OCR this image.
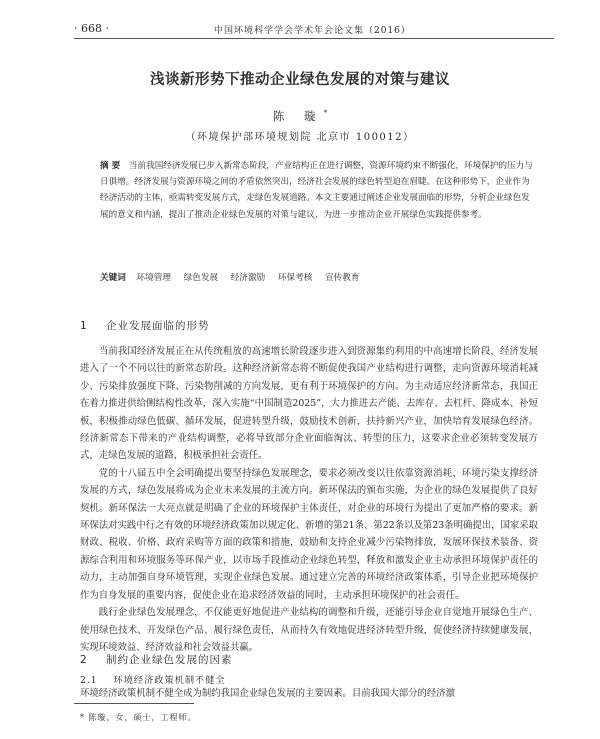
· 668 ·	中国环境科学学会学术年会论文集（2016）
浅谈新形势下推动企业绿色发展的对策与建议
陈 璇*
（环境保护部环境规划院 北京市 100012）
摘 要 当前我国经济发展已步入新常态阶段，产业结构正在进行调整，资源环境约束不断强化，环境保护的压力与日俱增。经济发展与资源环境之间的矛盾依然突出，经济社会发展的绿色转型迫在眉睫。在这种形势下，企业作为经济活动的主体，亟需转变发展方式，走绿色发展道路。本文主要通过阐述企业发展面临的形势，分析企业绿色发展的意义和内涵，提出了推动企业绿色发展的对策与建议，为进一步推动企业开展绿色实践提供参考。
关键词 环境管理 绿色发展 经济激励 环保考核 宣传教育
1 企业发展面临的形势

当前我国经济发展正在从传统粗放的高速增长阶段逐步进入到资源集约利用的中高速增长阶段，经济发展进入了一个不同以往的新常态阶段。这种经济新常态将不断促使我国产业结构进行调整，走向资源环境消耗减少、污染排放强度下降、污染物削减的方向发展，更有利于环境保护的方向。为主动适应经济新常态，我国正在着力推进供给侧结构性改革，深入实施“中国制造2025”，大力推进去产能、去库存、去杠杆、降成本、补短板，积极推动绿色低碳、循环发展，促进转型升级，鼓励技术创新，扶持新兴产业，加快培育发展绿色经济。经济新常态下带来的产业结构调整，必将导致部分企业面临淘汰、转型的压力，这要求企业必须转变发展方式，走绿色发展的道路，积极承担社会责任。

党的十八届五中全会明确提出要坚持绿色发展理念，要求必须改变以往依靠资源消耗、环境污染支撑经济发展的方式，绿色发展将成为企业未来发展的主流方向。新环保法的颁布实施，为企业的绿色发展提供了良好契机。新环保法一大亮点就是明确了企业的环境保护主体责任，对企业的环境行为提出了更加严格的要求。新环保法对实践中行之有效的环境经济政策加以规定化、新增的第21条、第22条以及第23条明确提出，国家采取财政、税收、价格、政府采购等方面的政策和措施，鼓励和支持企业减少污染物排放，发展环保技术装备、资源综合利用和环境服务等环保产业，以市场手段推动企业绿色转型，释放和激发企业主动承担环境保护责任的动力，主动加强自身环境管理，实现企业绿色发展。通过建立完善的环境经济政策体系，引导企业把环境保护作为自身发展的重要内容，促使企业在追求经济效益的同时，主动承担环境保护的社会责任。

践行企业绿色发展理念，不仅能更好地促进产业结构的调整和升级，还能引导企业自觉地开展绿色生产、使用绿色技术、开发绿色产品、履行绿色责任，从而持久有效地促进经济转型升级，促使经济持续健康发展，实现环境效益、经济效益和社会效益共赢。

2 制约企业绿色发展的因素
2.1 环境经济政策机制不健全

环境经济政策机制不健全成为制约我国企业绿色发展的主要因素。目前我国大部分的经济激

* 陈璇，女，硕士，工程师。
